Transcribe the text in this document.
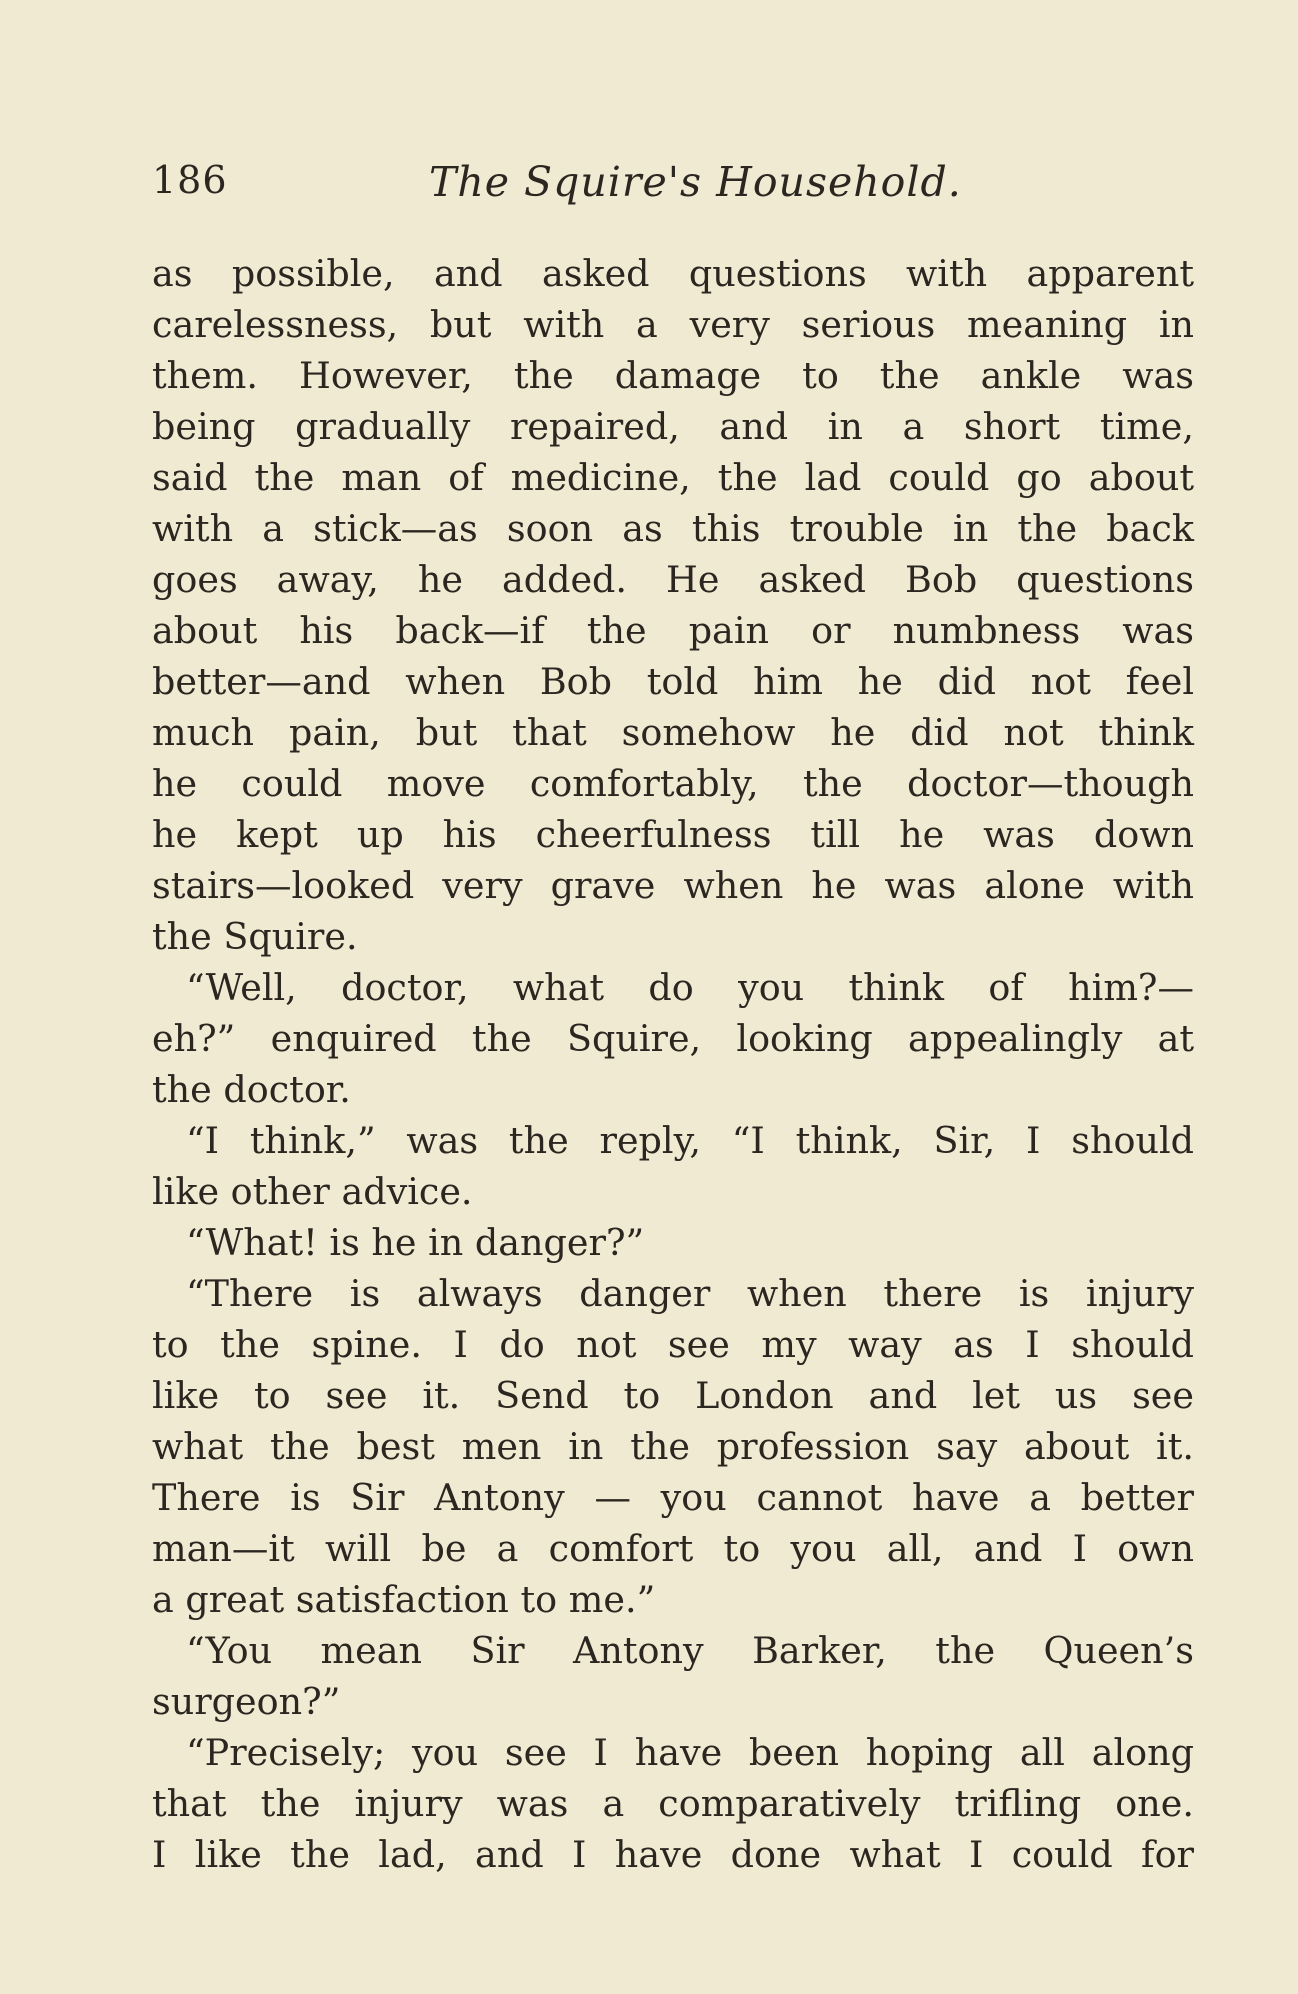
186	The Squire's Household.
as possible, and asked questions with apparent
carelessness, but with a very serious meaning in
them. However, the damage to the ankle was
being gradually repaired, and in a short time,
said the man of medicine, the lad could go about
with a stick—as soon as this trouble in the back
goes away, he added. He asked Bob questions
about his back—if the pain or numbness was
better—and when Bob told him he did not feel
much pain, but that somehow he did not think
he could move comfortably, the doctor—though
he kept up his cheerfulness till he was down
stairs—looked very grave when he was alone with
the Squire.
“Well, doctor, what do you think of him?—
eh?” enquired the Squire, looking appealingly at
the doctor.
“I think,” was the reply, “I think, Sir, I should
like other advice.
“What! is he in danger?”
“There is always danger when there is injury
to the spine. I do not see my way as I should
like to see it. Send to London and let us see
what the best men in the profession say about it.
There is Sir Antony — you cannot have a better
man—it will be a comfort to you all, and I own
a great satisfaction to me.”
“You mean Sir Antony Barker, the Queen’s
surgeon?”
“Precisely; you see I have been hoping all along
that the injury was a comparatively trifling one.
I like the lad, and I have done what I could for
